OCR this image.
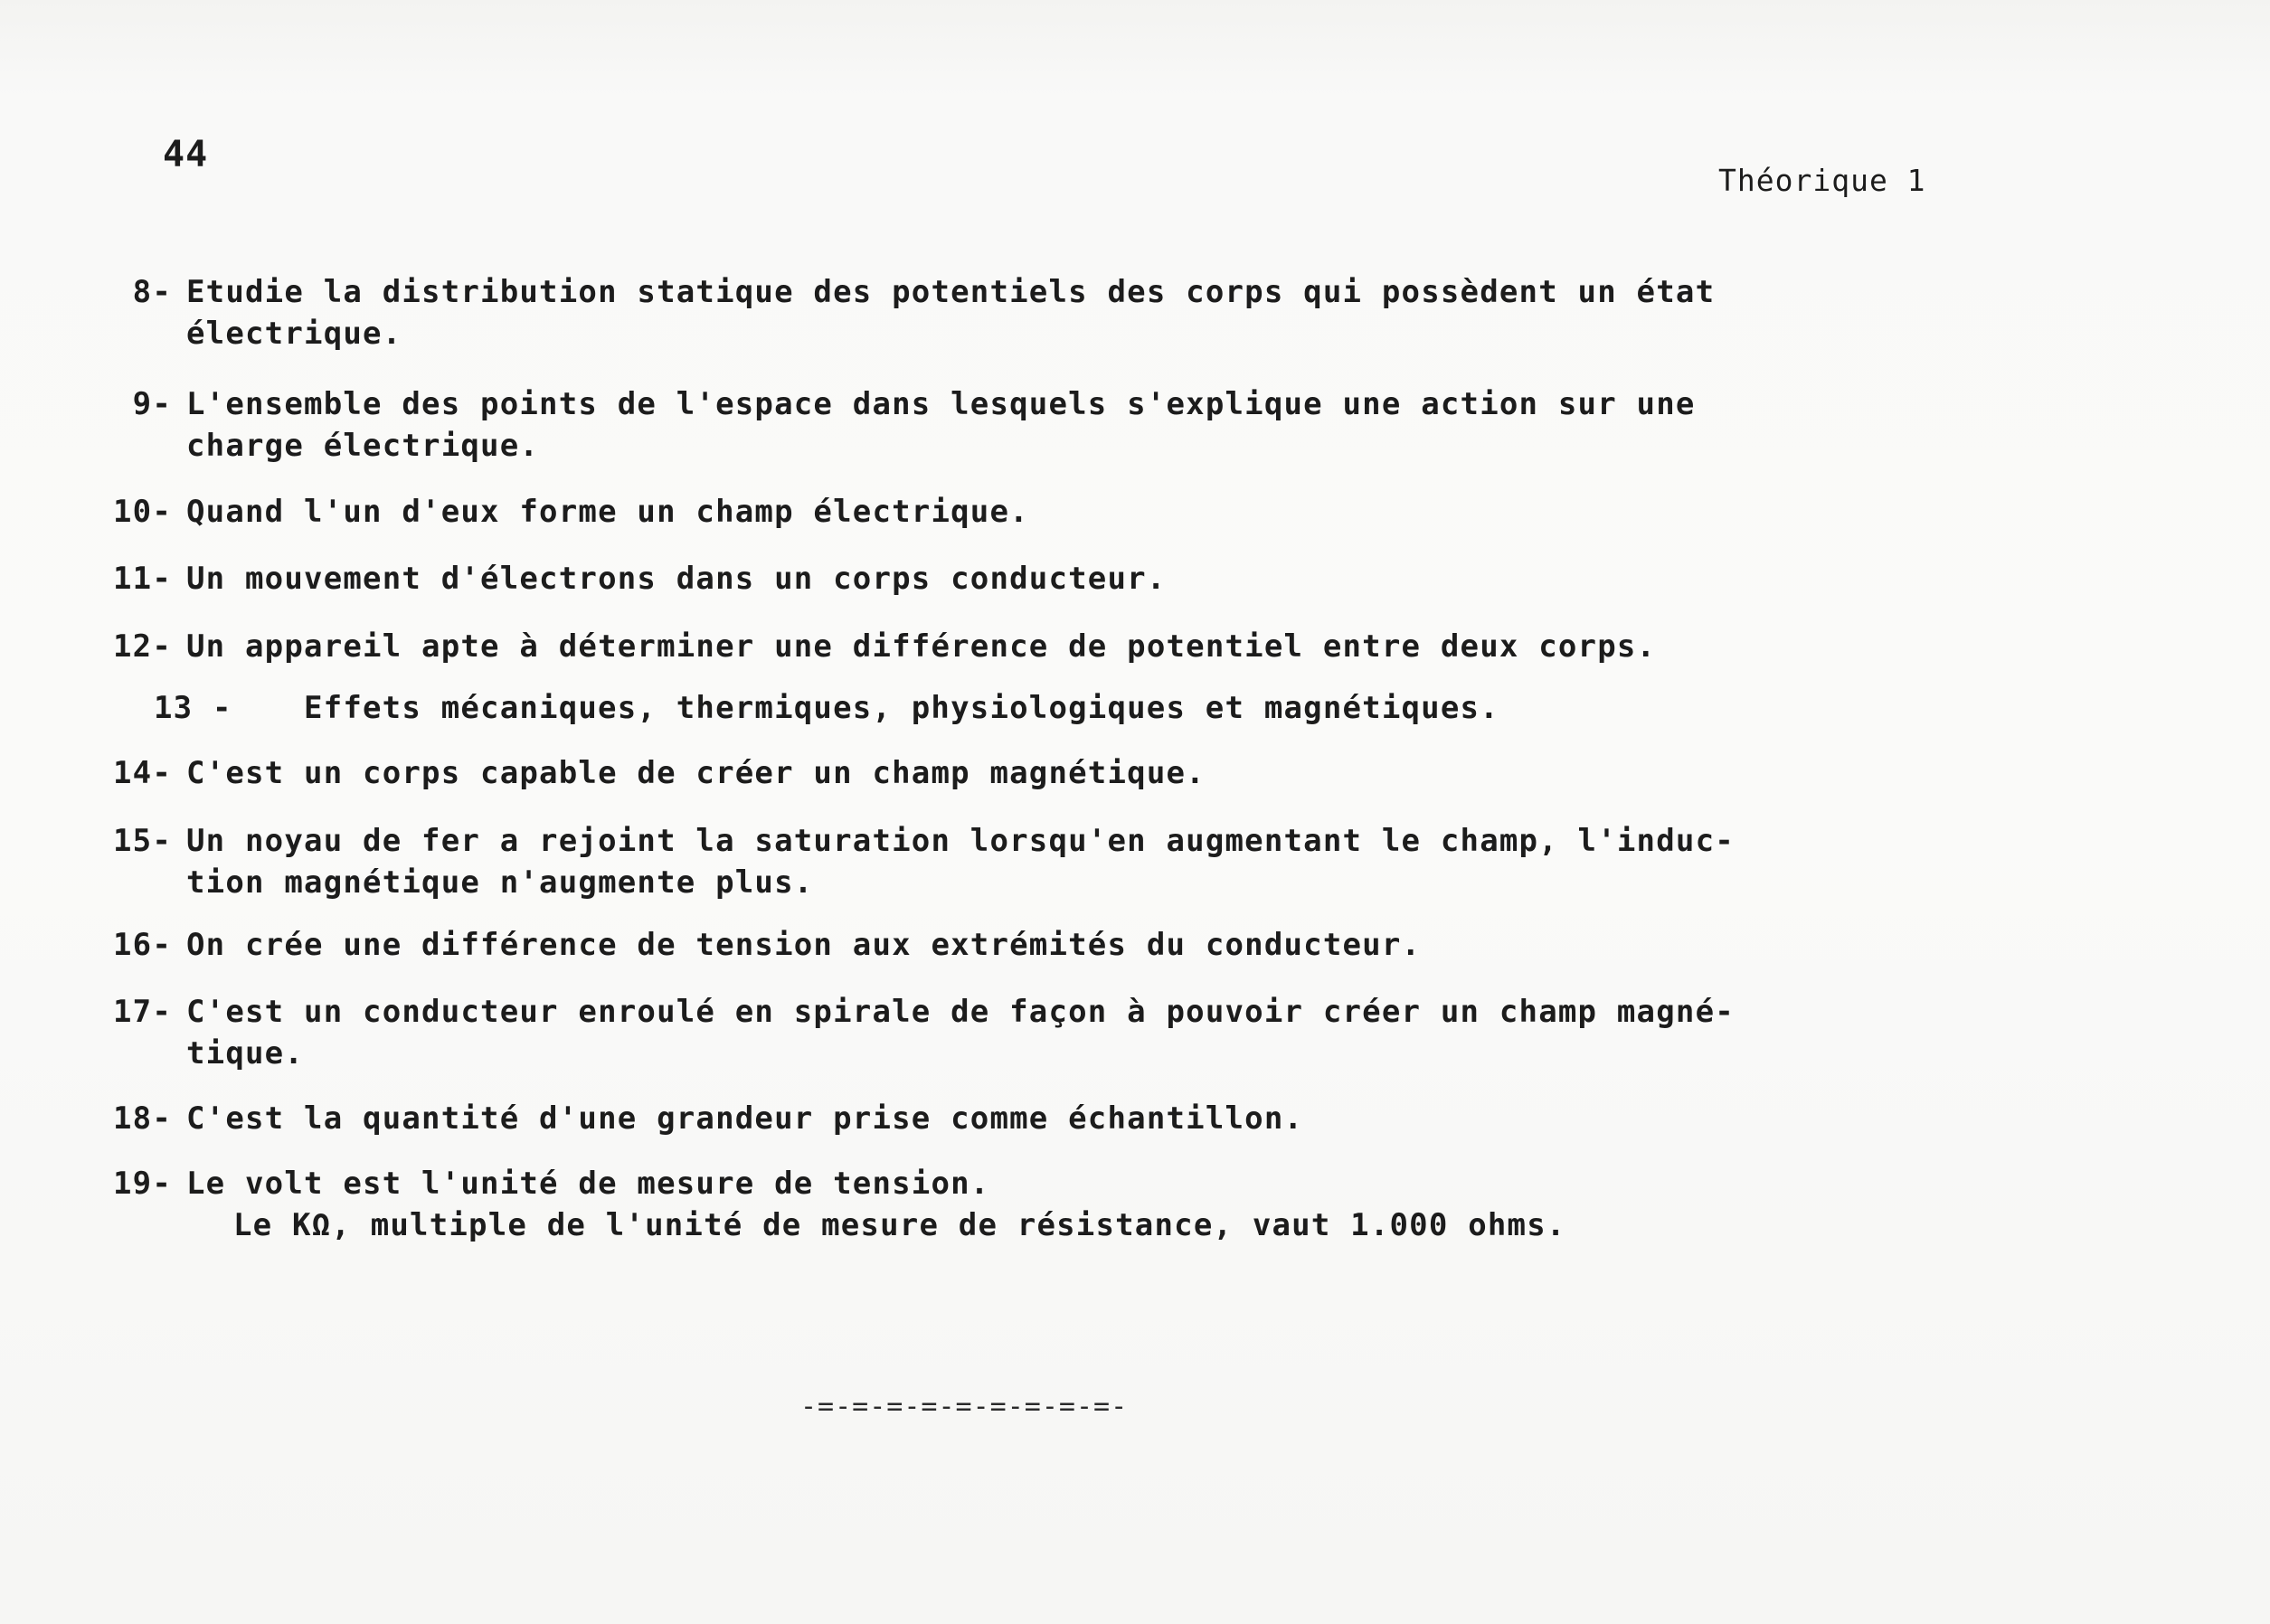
44
Théorique 1
8- Etudie la distribution statique des potentiels des corps qui possèdent un état
électrique.
9- L'ensemble des points de l'espace dans lesquels s'explique une action sur une
charge électrique.
10- Quand l'un d'eux forme un champ électrique.
11- Un mouvement d'électrons dans un corps conducteur.
12- Un appareil apte à déterminer une différence de potentiel entre deux corps.
13 - Effets mécaniques, thermiques, physiologiques et magnétiques.
14- C'est un corps capable de créer un champ magnétique.
15- Un noyau de fer a rejoint la saturation lorsqu'en augmentant le champ, l'induc-
tion magnétique n'augmente plus.
16- On crée une différence de tension aux extrémités du conducteur.
17- C'est un conducteur enroulé en spirale de façon à pouvoir créer un champ magné-
tique.
18- C'est la quantité d'une grandeur prise comme échantillon.
19- Le volt est l'unité de mesure de tension.
Le KΩ, multiple de l'unité de mesure de résistance, vaut 1.000 ohms.
-=-=-=-=-=-=-=-=-=-
